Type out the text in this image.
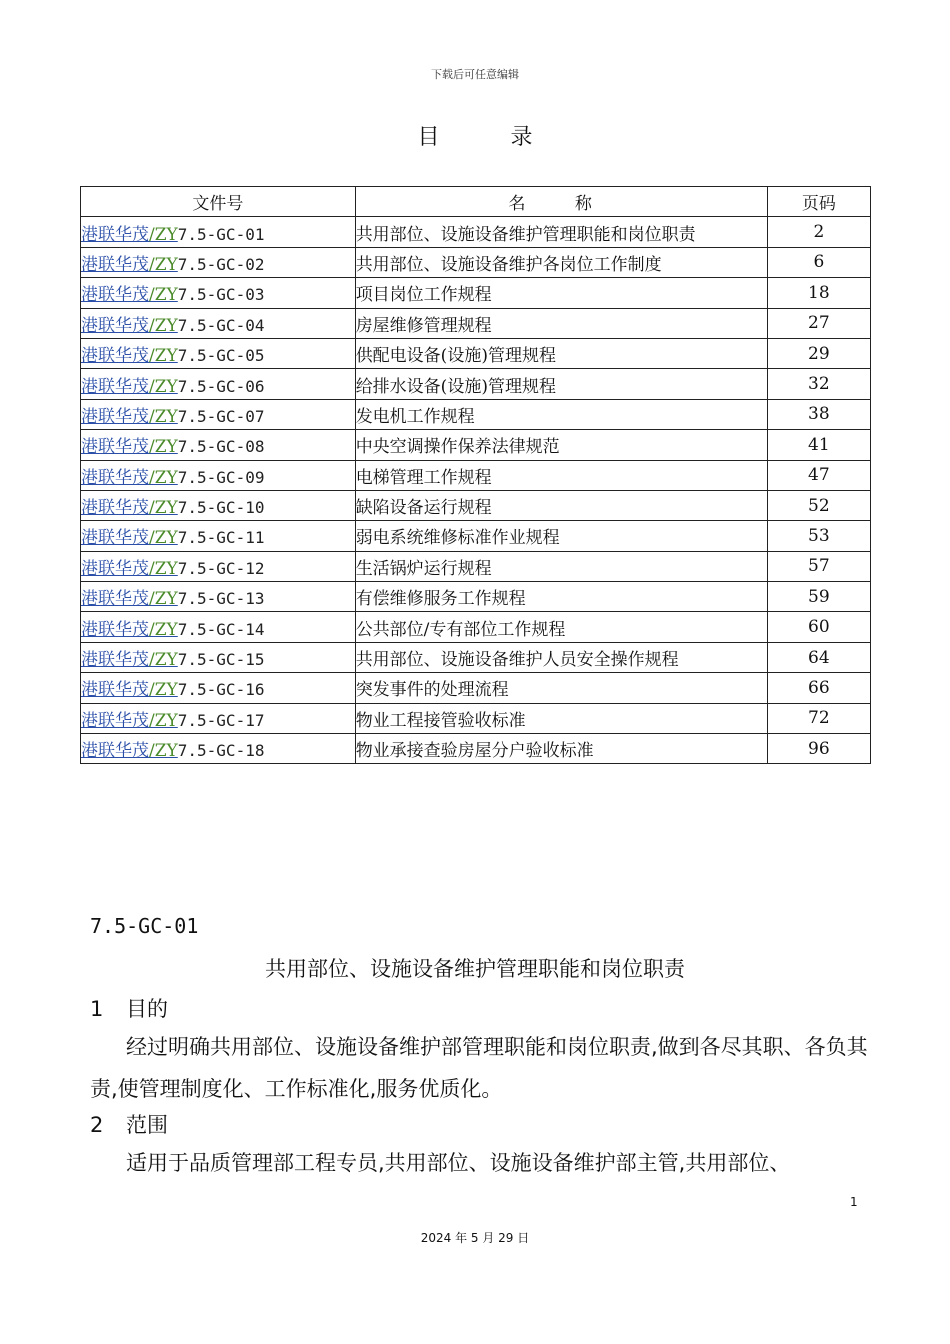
下载后可任意编辑
目 录
文件号	名 称	页码
港联华茂/ZY7.5-GC-01	共用部位、设施设备维护管理职能和岗位职责	2
港联华茂/ZY7.5-GC-02	共用部位、设施设备维护各岗位工作制度	6
港联华茂/ZY7.5-GC-03	项目岗位工作规程	18
港联华茂/ZY7.5-GC-04	房屋维修管理规程	27
港联华茂/ZY7.5-GC-05	供配电设备(设施)管理规程	29
港联华茂/ZY7.5-GC-06	给排水设备(设施)管理规程	32
港联华茂/ZY7.5-GC-07	发电机工作规程	38
港联华茂/ZY7.5-GC-08	中央空调操作保养法律规范	41
港联华茂/ZY7.5-GC-09	电梯管理工作规程	47
港联华茂/ZY7.5-GC-10	缺陷设备运行规程	52
港联华茂/ZY7.5-GC-11	弱电系统维修标准作业规程	53
港联华茂/ZY7.5-GC-12	生活锅炉运行规程	57
港联华茂/ZY7.5-GC-13	有偿维修服务工作规程	59
港联华茂/ZY7.5-GC-14	公共部位/专有部位工作规程	60
港联华茂/ZY7.5-GC-15	共用部位、设施设备维护人员安全操作规程	64
港联华茂/ZY7.5-GC-16	突发事件的处理流程	66
港联华茂/ZY7.5-GC-17	物业工程接管验收标准	72
港联华茂/ZY7.5-GC-18	物业承接查验房屋分户验收标准	96
7.5-GC-01
共用部位、设施设备维护管理职能和岗位职责
1 目的
经过明确共用部位、设施设备维护部管理职能和岗位职责,做到各尽其职、各负其责,使管理制度化、工作标准化,服务优质化。
2 范围
适用于品质管理部工程专员,共用部位、设施设备维护部主管,共用部位、
1
2024 年 5 月 29 日
